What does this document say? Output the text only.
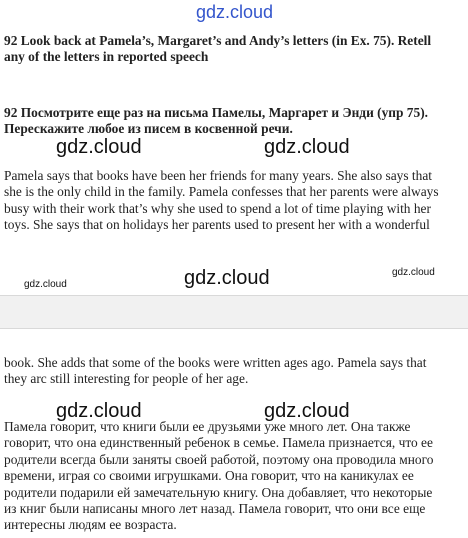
gdz.cloud
92 Look back at Pamela’s, Margaret’s and Andy’s letters (in Ex. 75). Retell
any of the letters in reported speech
92 Посмотрите еще раз на письма Памелы, Маргарет и Энди (упр 75).
Перескажите любое из писем в косвенной речи.
gdz.cloud	gdz.cloud
Pamela says that books have been her friends for many years. She also says that
she is the only child in the family. Pamela confesses that her parents were always
busy with their work that’s why she used to spend a lot of time playing with her
toys. She says that on holidays her parents used to present her with a wonderful
gdz.cloud
gdz.cloud
gdz.cloud
book. She adds that some of the books were written ages ago. Pamela says that
they arc still interesting for people of her age.
gdz.cloud	gdz.cloud
Памела говорит, что книги были ее друзьями уже много лет. Она также
говорит, что она единственный ребенок в семье. Памела признается, что ее
родители всегда были заняты своей работой, поэтому она проводила много
времени, играя со своими игрушками. Она говорит, что на каникулах ее
родители подарили ей замечательную книгу. Она добавляет, что некоторые
из книг были написаны много лет назад. Памела говорит, что они все еще
интересны людям ее возраста.
